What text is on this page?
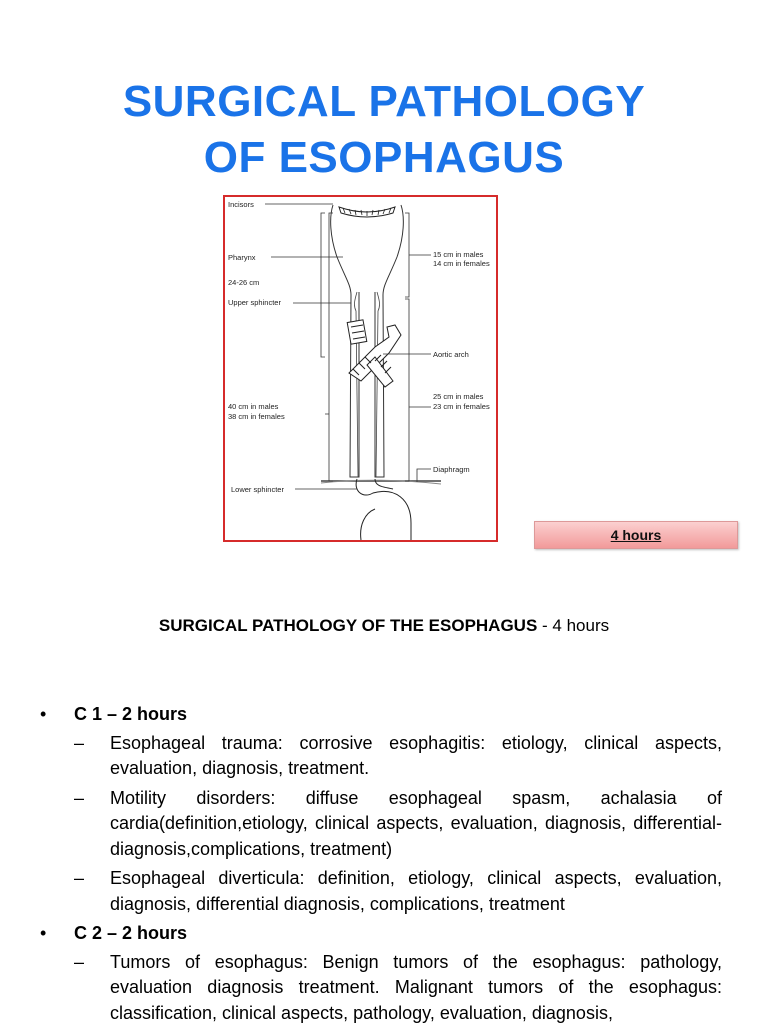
SURGICAL PATHOLOGY
OF ESOPHAGUS
Incisors
Pharynx
24-26 cm
Upper sphincter
15 cm in males
14 cm in females
Aortic arch
25 cm in males
23 cm in females
40 cm in males
38 cm in females
Diaphragm
Lower sphincter
4 hours
SURGICAL PATHOLOGY OF THE ESOPHAGUS - 4 hours
• C 1 – 2 hours
– Esophageal trauma: corrosive esophagitis: etiology, clinical aspects, evaluation, diagnosis, treatment.
– Motility disorders: diffuse esophageal spasm, achalasia of cardia(definition,etiology, clinical aspects, evaluation, diagnosis, differential-diagnosis,complications, treatment)
– Esophageal diverticula: definition, etiology, clinical aspects, evaluation, diagnosis, differential diagnosis, complications, treatment
• C 2 – 2 hours
– Tumors of esophagus: Benign tumors of the esophagus: pathology, evaluation diagnosis treatment. Malignant tumors of the esophagus: classification, clinical aspects, pathology, evaluation, diagnosis,
